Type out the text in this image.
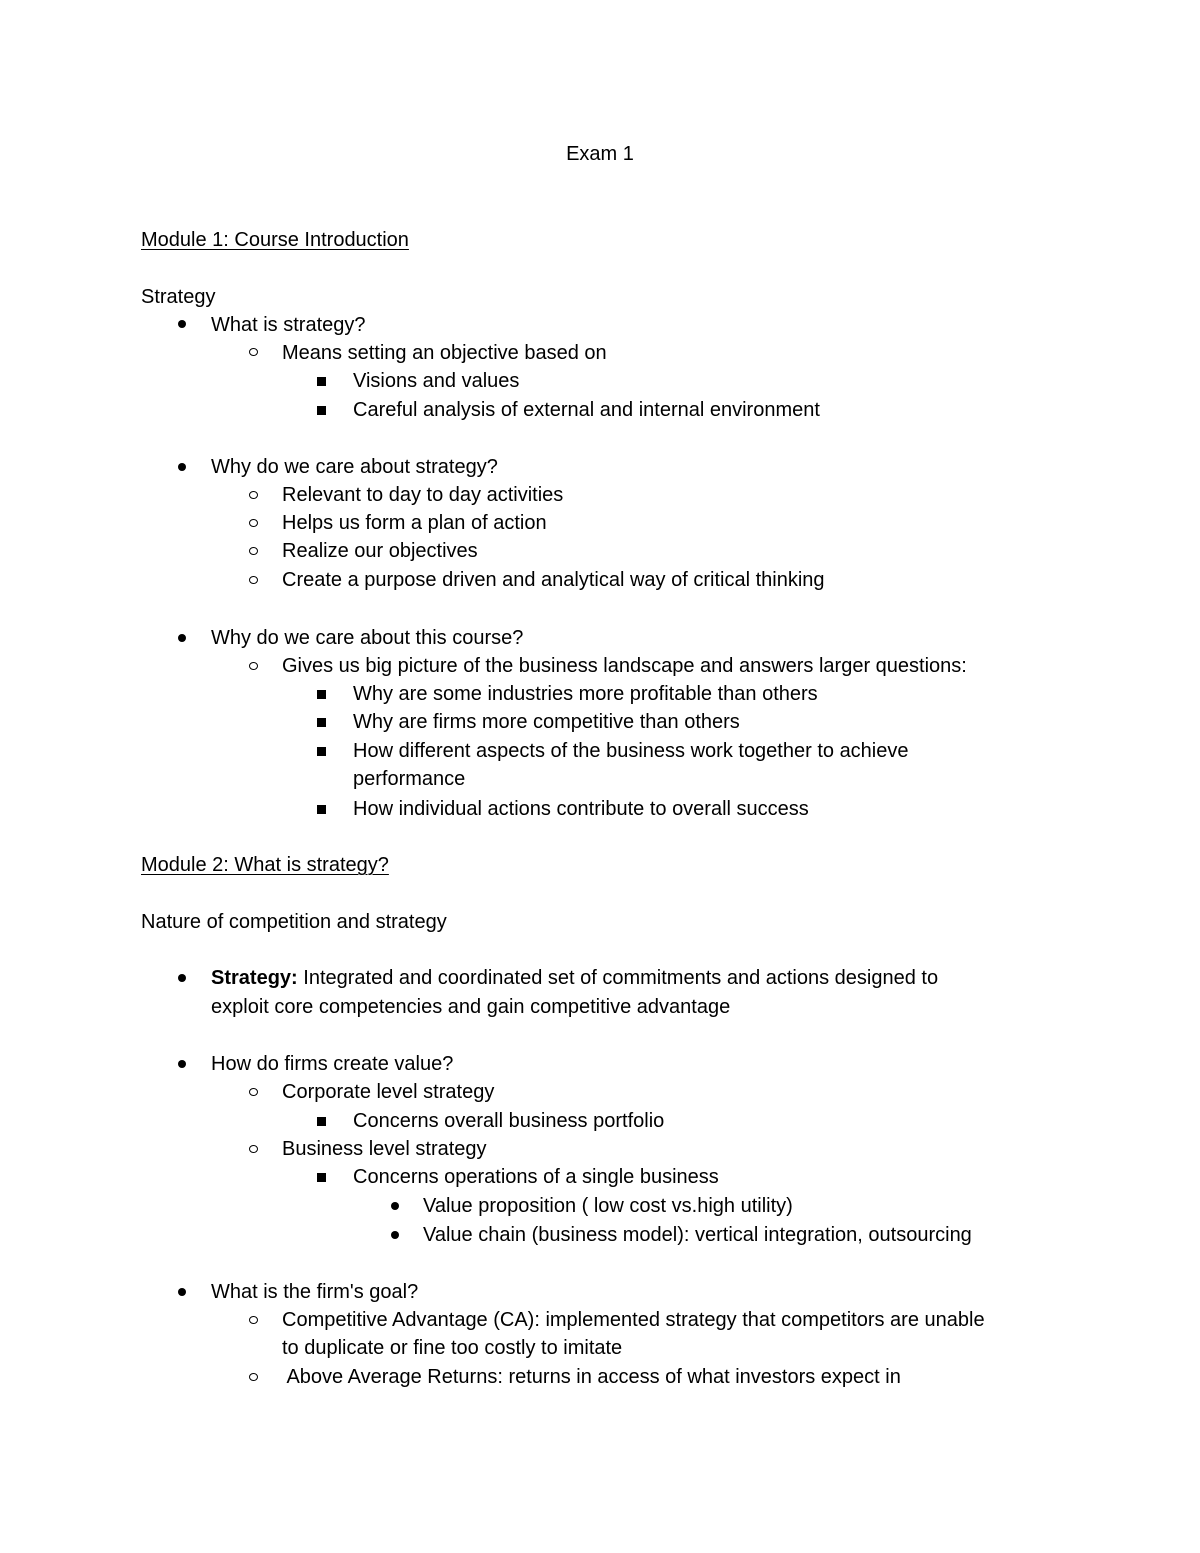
Exam 1
Module 1: Course Introduction
Strategy
What is strategy?
Means setting an objective based on
Visions and values
Careful analysis of external and internal environment
Why do we care about strategy?
Relevant to day to day activities
Helps us form a plan of action
Realize our objectives
Create a purpose driven and analytical way of critical thinking
Why do we care about this course?
Gives us big picture of the business landscape and answers larger questions:
Why are some industries more profitable than others
Why are firms more competitive than others
How different aspects of the business work together to achieve
performance
How individual actions contribute to overall success
Module 2: What is strategy?
Nature of competition and strategy
Strategy: Integrated and coordinated set of commitments and actions designed to
exploit core competencies and gain competitive advantage
How do firms create value?
Corporate level strategy
Concerns overall business portfolio
Business level strategy
Concerns operations of a single business
Value proposition ( low cost vs.high utility)
Value chain (business model): vertical integration, outsourcing
What is the firm's goal?
Competitive Advantage (CA): implemented strategy that competitors are unable
to duplicate or fine too costly to imitate
Above Average Returns: returns in access of what investors expect in
